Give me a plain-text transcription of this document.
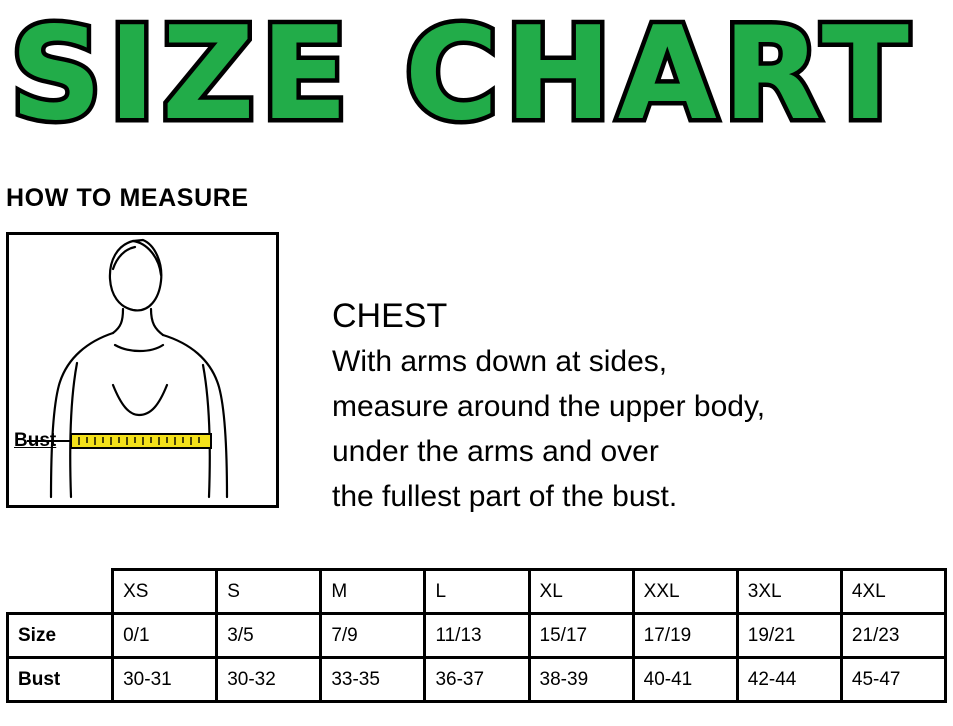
SIZE CHART
HOW TO MEASURE
Bust
CHEST
With arms down at sides,
measure around the upper body,
under the arms and over
the fullest part of the bust.
	XS	S	M	L	XL	XXL	3XL	4XL
Size	0/1	3/5	7/9	11/13	15/17	17/19	19/21	21/23
Bust	30-31	30-32	33-35	36-37	38-39	40-41	42-44	45-47
